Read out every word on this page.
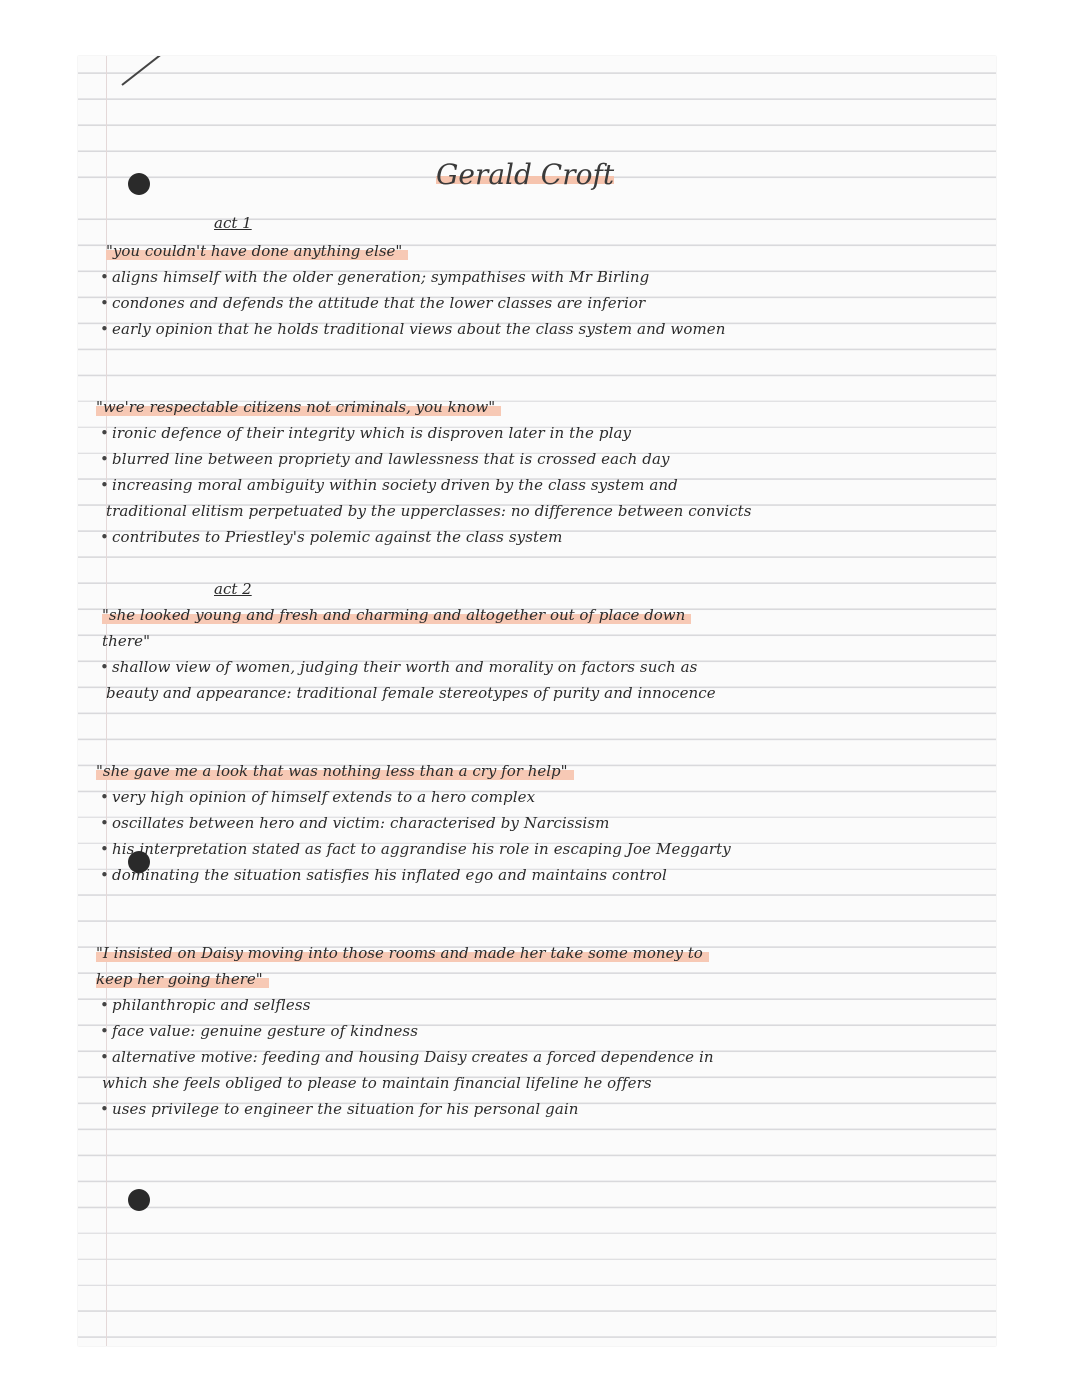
Gerald Croft
act 1
"you couldn't have done anything else"
• aligns himself with the older generation; sympathises with Mr Birling
• condones and defends the attitude that the lower classes are inferior
• early opinion that he holds traditional views about the class system and women
"we're respectable citizens not criminals, you know"
• ironic defence of their integrity which is disproven later in the play
• blurred line between propriety and lawlessness that is crossed each day
• increasing moral ambiguity within society driven by the class system and
traditional elitism perpetuated by the upperclasses: no difference between convicts
• contributes to Priestley's polemic against the class system
act 2
"she looked young and fresh and charming and altogether out of place down
there"
• shallow view of women, judging their worth and morality on factors such as
beauty and appearance: traditional female stereotypes of purity and innocence
"she gave me a look that was nothing less than a cry for help"
• very high opinion of himself extends to a hero complex
• oscillates between hero and victim: characterised by Narcissism
• his interpretation stated as fact to aggrandise his role in escaping Joe Meggarty
• dominating the situation satisfies his inflated ego and maintains control
"I insisted on Daisy moving into those rooms and made her take some money to
keep her going there"
• philanthropic and selfless
• face value: genuine gesture of kindness
• alternative motive: feeding and housing Daisy creates a forced dependence in
which she feels obliged to please to maintain financial lifeline he offers
• uses privilege to engineer the situation for his personal gain
